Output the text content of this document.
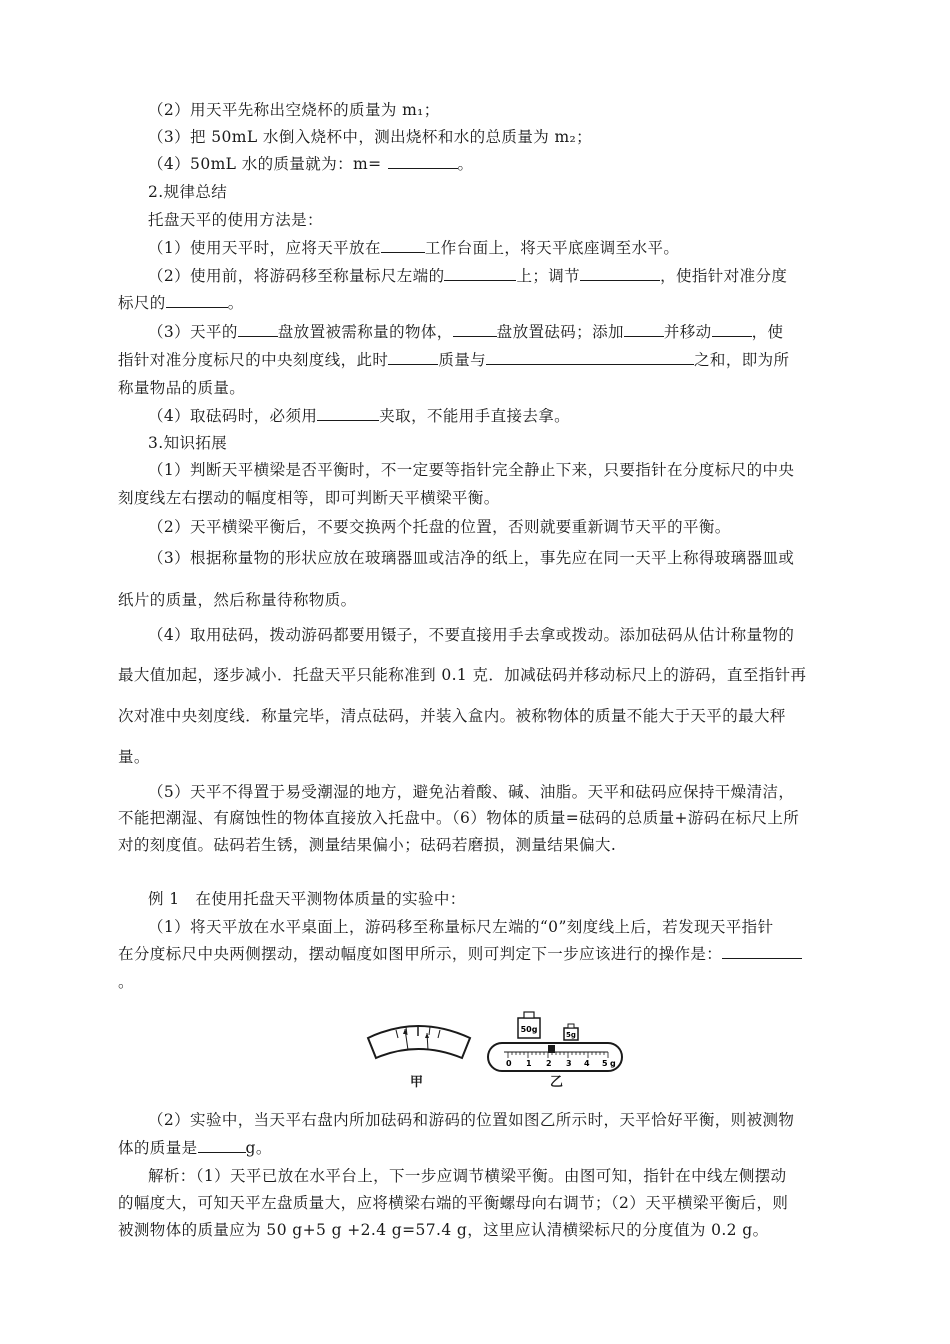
（2）用天平先称出空烧杯的质量为 m₁；
（3）把 50mL 水倒入烧杯中，测出烧杯和水的总质量为 m₂；
（4）50mL 水的质量就为：m=	。
2.规律总结
托盘天平的使用方法是：
（1）使用天平时，应将天平放在	工作台面上，将天平底座调至水平。
（2）使用前，将游码移至称量标尺左端的	上；调节	，使指针对准分度
标尺的	。
（3）天平的	盘放置被需称量的物体，	盘放置砝码；添加	并移动	，使
指针对准分度标尺的中央刻度线，此时	质量与	之和，即为所
称量物品的质量。
（4）取砝码时，必须用	夹取，不能用手直接去拿。
3.知识拓展
（1）判断天平横梁是否平衡时，不一定要等指针完全静止下来，只要指针在分度标尺的中央
刻度线左右摆动的幅度相等，即可判断天平横梁平衡。
（2）天平横梁平衡后，不要交换两个托盘的位置，否则就要重新调节天平的平衡。
（3）根据称量物的形状应放在玻璃器皿或洁净的纸上，事先应在同一天平上称得玻璃器皿或
纸片的质量，然后称量待称物质。
（4）取用砝码，拨动游码都要用镊子，不要直接用手去拿或拨动。添加砝码从估计称量物的
最大值加起，逐步减小．托盘天平只能称准到 0.1 克．加减砝码并移动标尺上的游码，直至指针再
次对准中央刻度线．称量完毕，清点砝码，并装入盒内。被称物体的质量不能大于天平的最大秤
量。
（5）天平不得置于易受潮湿的地方，避免沾着酸、碱、油脂。天平和砝码应保持干燥清洁，
不能把潮湿、有腐蚀性的物体直接放入托盘中。（6）物体的质量=砝码的总质量+游码在标尺上所
对的刻度值。砝码若生锈，测量结果偏小；砝码若磨损，测量结果偏大.
例 1　在使用托盘天平测物体质量的实验中：
（1）将天平放在水平桌面上，游码移至称量标尺左端的“0”刻度线上后，若发现天平指针
在分度标尺中央两侧摆动，摆动幅度如图甲所示，则可判定下一步应该进行的操作是：
。
50g
5g
0 1 2 3 4 5 g
甲	乙
（2）实验中，当天平右盘内所加砝码和游码的位置如图乙所示时，天平恰好平衡，则被测物
体的质量是	g。
解析：（1）天平已放在水平台上，下一步应调节横梁平衡。由图可知，指针在中线左侧摆动
的幅度大，可知天平左盘质量大，应将横梁右端的平衡螺母向右调节；（2）天平横梁平衡后，则
被测物体的质量应为 50 g+5 g +2.4 g=57.4 g，这里应认清横梁标尺的分度值为 0.2 g。
